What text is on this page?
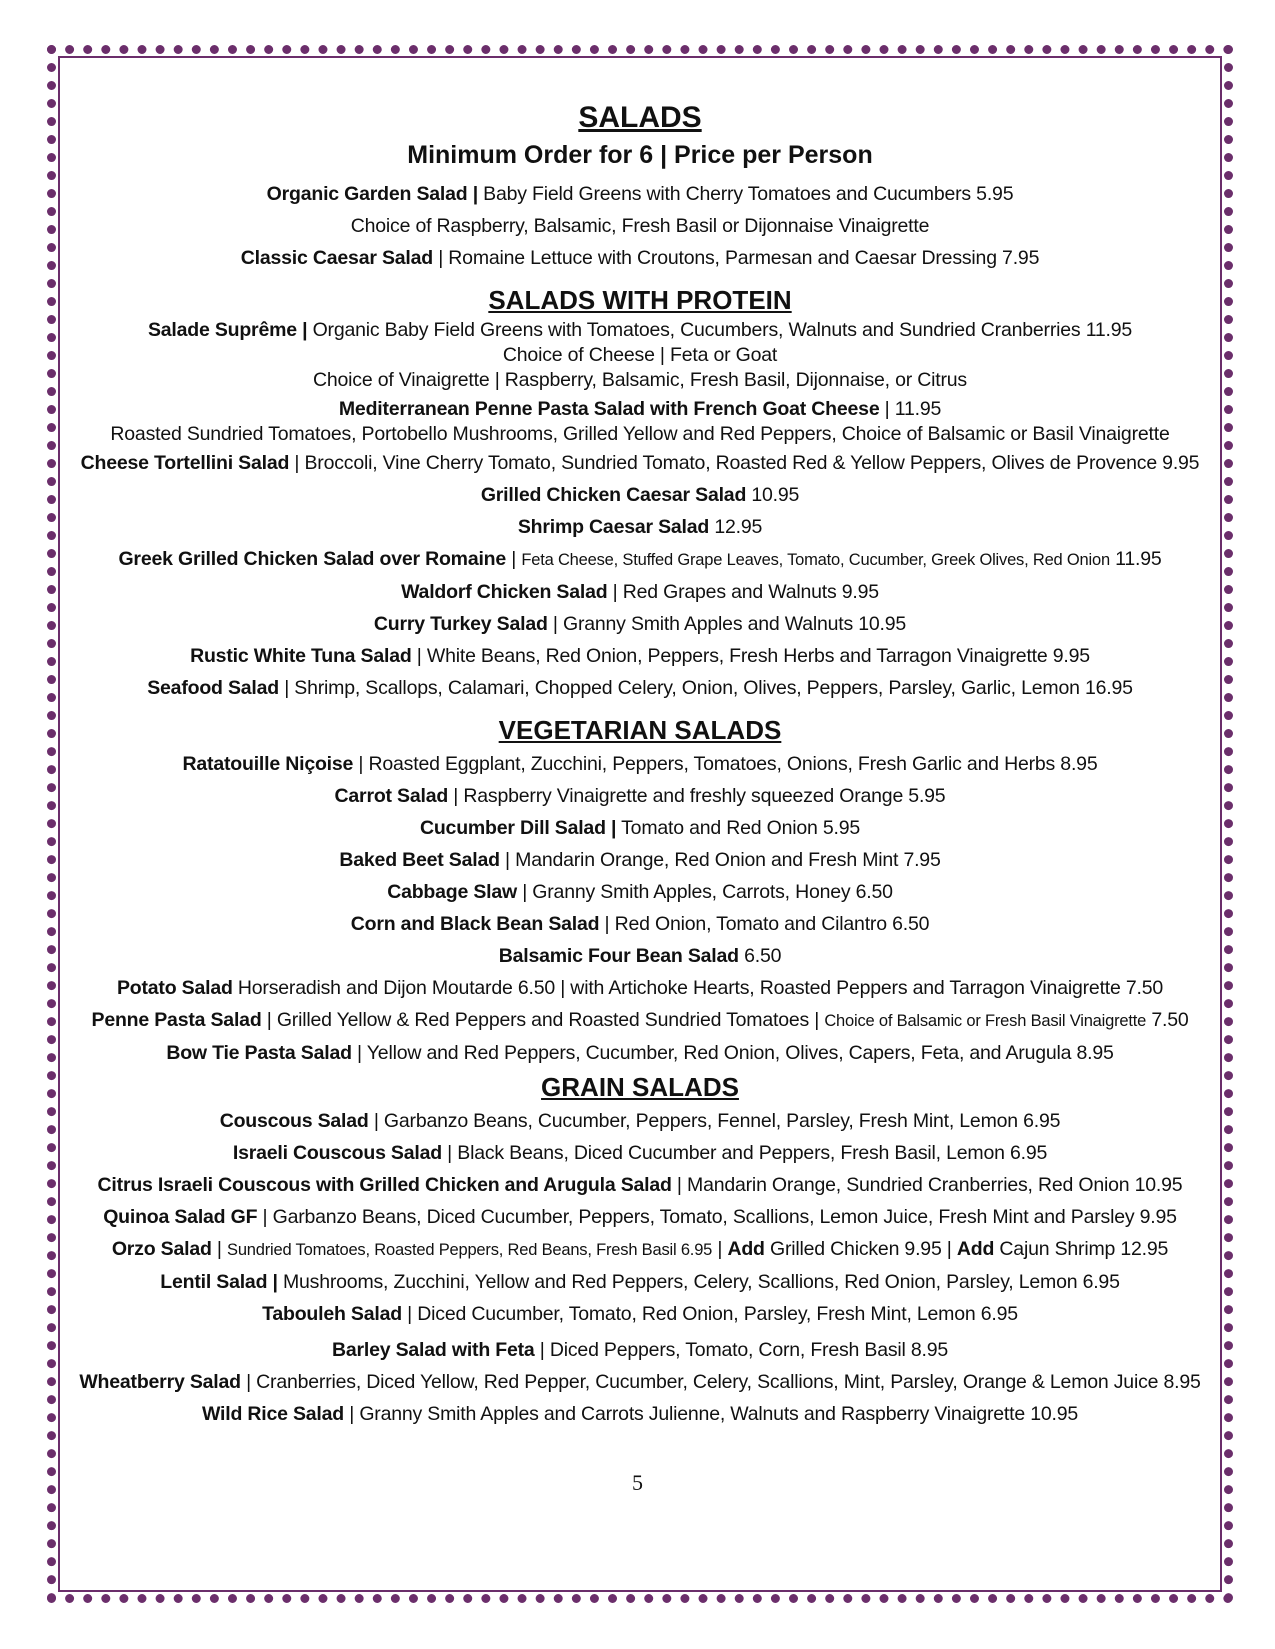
SALADS

Minimum Order for 6 | Price per Person

Organic Garden Salad | Baby Field Greens with Cherry Tomatoes and Cucumbers 5.95

Choice of Raspberry, Balsamic, Fresh Basil or Dijonnaise Vinaigrette

Classic Caesar Salad | Romaine Lettuce with Croutons, Parmesan and Caesar Dressing 7.95

SALADS WITH PROTEIN

Salade Suprême | Organic Baby Field Greens with Tomatoes, Cucumbers, Walnuts and Sundried Cranberries 11.95

Choice of Cheese | Feta or Goat

Choice of Vinaigrette | Raspberry, Balsamic, Fresh Basil, Dijonnaise, or Citrus

Mediterranean Penne Pasta Salad with French Goat Cheese | 11.95

Roasted Sundried Tomatoes, Portobello Mushrooms, Grilled Yellow and Red Peppers, Choice of Balsamic or Basil Vinaigrette

Cheese Tortellini Salad | Broccoli, Vine Cherry Tomato, Sundried Tomato, Roasted Red & Yellow Peppers, Olives de Provence 9.95

Grilled Chicken Caesar Salad 10.95

Shrimp Caesar Salad 12.95

Greek Grilled Chicken Salad over Romaine | Feta Cheese, Stuffed Grape Leaves, Tomato, Cucumber, Greek Olives, Red Onion 11.95

Waldorf Chicken Salad | Red Grapes and Walnuts 9.95

Curry Turkey Salad | Granny Smith Apples and Walnuts 10.95

Rustic White Tuna Salad | White Beans, Red Onion, Peppers, Fresh Herbs and Tarragon Vinaigrette 9.95

Seafood Salad | Shrimp, Scallops, Calamari, Chopped Celery, Onion, Olives, Peppers, Parsley, Garlic, Lemon 16.95

VEGETARIAN SALADS

Ratatouille Niçoise | Roasted Eggplant, Zucchini, Peppers, Tomatoes, Onions, Fresh Garlic and Herbs 8.95

Carrot Salad | Raspberry Vinaigrette and freshly squeezed Orange 5.95

Cucumber Dill Salad | Tomato and Red Onion 5.95

Baked Beet Salad | Mandarin Orange, Red Onion and Fresh Mint 7.95

Cabbage Slaw | Granny Smith Apples, Carrots, Honey 6.50

Corn and Black Bean Salad | Red Onion, Tomato and Cilantro 6.50

Balsamic Four Bean Salad 6.50

Potato Salad Horseradish and Dijon Moutarde 6.50 | with Artichoke Hearts, Roasted Peppers and Tarragon Vinaigrette 7.50

Penne Pasta Salad | Grilled Yellow & Red Peppers and Roasted Sundried Tomatoes | Choice of Balsamic or Fresh Basil Vinaigrette 7.50

Bow Tie Pasta Salad | Yellow and Red Peppers, Cucumber, Red Onion, Olives, Capers, Feta, and Arugula 8.95

GRAIN SALADS

Couscous Salad | Garbanzo Beans, Cucumber, Peppers, Fennel, Parsley, Fresh Mint, Lemon 6.95

Israeli Couscous Salad | Black Beans, Diced Cucumber and Peppers, Fresh Basil, Lemon 6.95

Citrus Israeli Couscous with Grilled Chicken and Arugula Salad | Mandarin Orange, Sundried Cranberries, Red Onion 10.95

Quinoa Salad GF | Garbanzo Beans, Diced Cucumber, Peppers, Tomato, Scallions, Lemon Juice, Fresh Mint and Parsley 9.95

Orzo Salad | Sundried Tomatoes, Roasted Peppers, Red Beans, Fresh Basil 6.95 | Add Grilled Chicken 9.95 | Add Cajun Shrimp 12.95

Lentil Salad | Mushrooms, Zucchini, Yellow and Red Peppers, Celery, Scallions, Red Onion, Parsley, Lemon 6.95

Tabouleh Salad | Diced Cucumber, Tomato, Red Onion, Parsley, Fresh Mint, Lemon 6.95

Barley Salad with Feta | Diced Peppers, Tomato, Corn, Fresh Basil 8.95

Wheatberry Salad | Cranberries, Diced Yellow, Red Pepper, Cucumber, Celery, Scallions, Mint, Parsley, Orange & Lemon Juice 8.95

Wild Rice Salad | Granny Smith Apples and Carrots Julienne, Walnuts and Raspberry Vinaigrette 10.95

5
